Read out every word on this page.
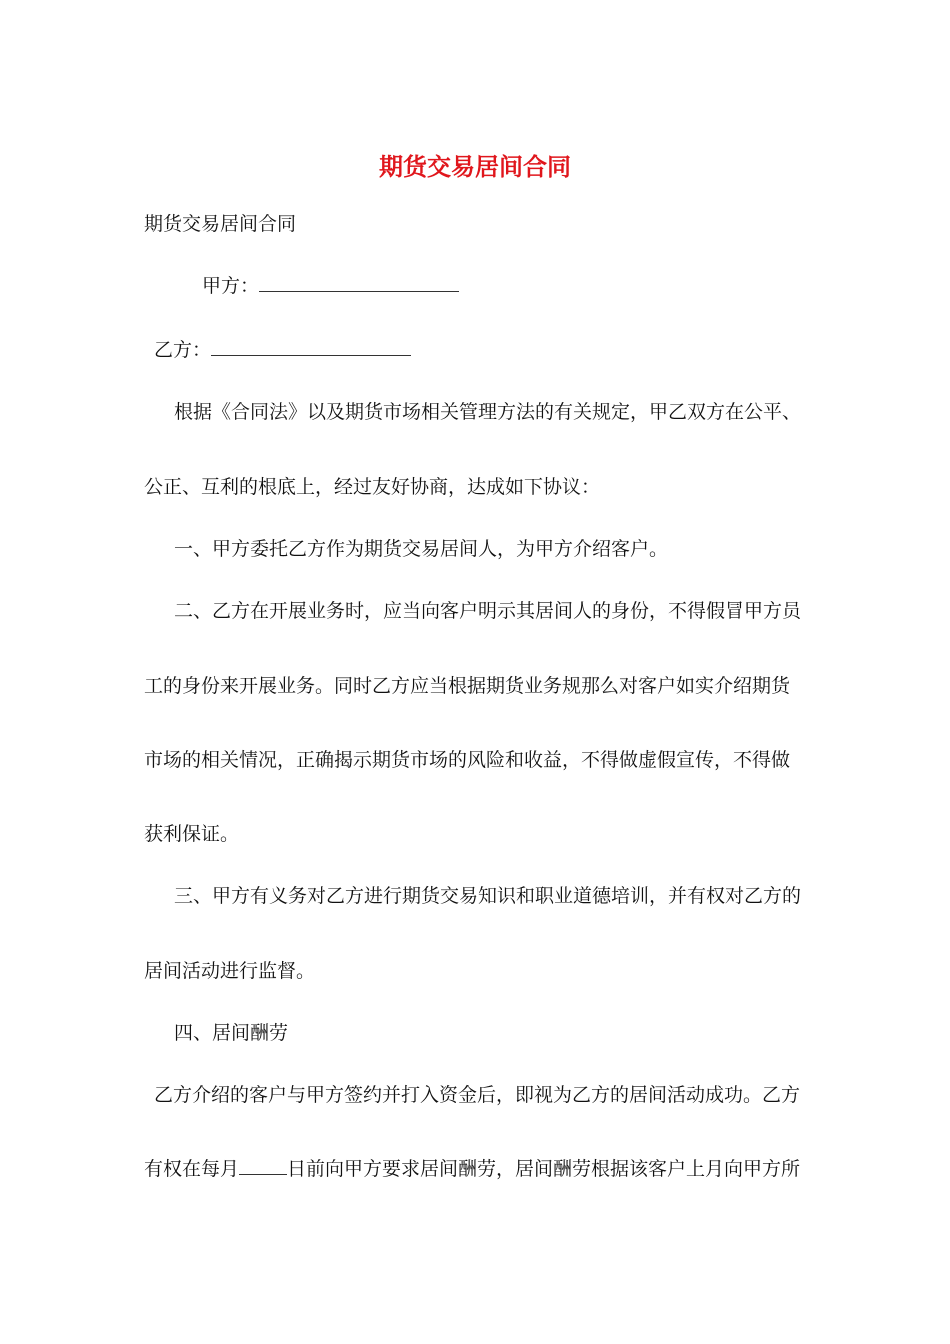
期货交易居间合同
期货交易居间合同
甲方：
乙方：
根据《合同法》以及期货市场相关管理方法的有关规定，甲乙双方在公平、
公正、互利的根底上，经过友好协商，达成如下协议：
一、甲方委托乙方作为期货交易居间人，为甲方介绍客户。
二、乙方在开展业务时，应当向客户明示其居间人的身份，不得假冒甲方员
工的身份来开展业务。同时乙方应当根据期货业务规那么对客户如实介绍期货
市场的相关情况，正确揭示期货市场的风险和收益，不得做虚假宣传，不得做
获利保证。
三、甲方有义务对乙方进行期货交易知识和职业道德培训，并有权对乙方的
居间活动进行监督。
四、居间酬劳
乙方介绍的客户与甲方签约并打入资金后，即视为乙方的居间活动成功。乙方
有权在每月	日前向甲方要求居间酬劳，居间酬劳根据该客户上月向甲方所
